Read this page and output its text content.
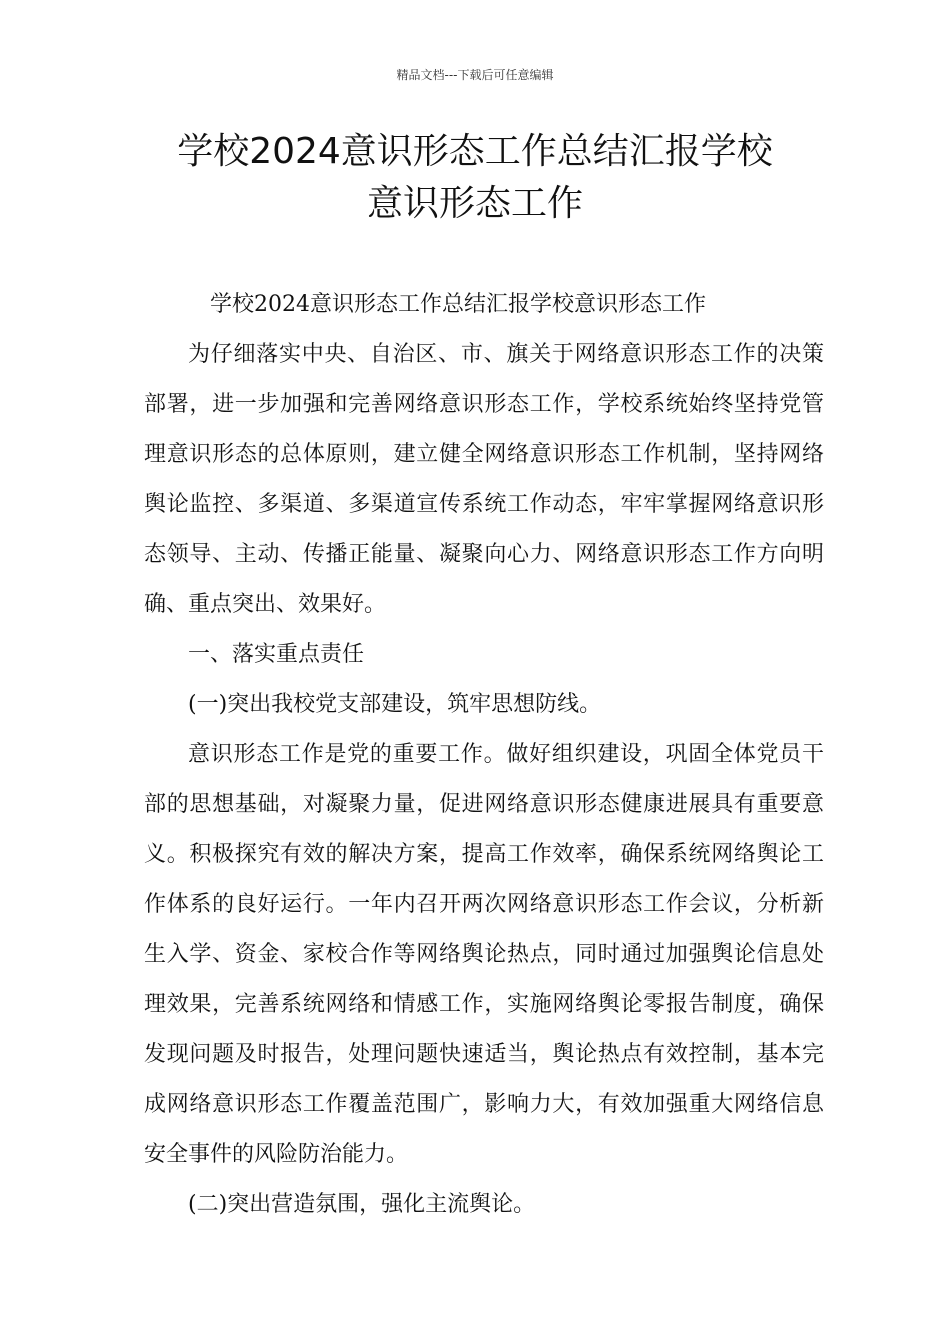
精品文档---下载后可任意编辑
学校2024意识形态工作总结汇报学校
意识形态工作

学校2024意识形态工作总结汇报学校意识形态工作

为仔细落实中央、自治区、市、旗关于网络意识形态工作的决策部署，进一步加强和完善网络意识形态工作，学校系统始终坚持党管理意识形态的总体原则，建立健全网络意识形态工作机制，坚持网络舆论监控、多渠道、多渠道宣传系统工作动态，牢牢掌握网络意识形态领导、主动、传播正能量、凝聚向心力、网络意识形态工作方向明确、重点突出、效果好。

一、落实重点责任

(一)突出我校党支部建设，筑牢思想防线。

意识形态工作是党的重要工作。做好组织建设，巩固全体党员干部的思想基础，对凝聚力量，促进网络意识形态健康进展具有重要意义。积极探究有效的解决方案，提高工作效率，确保系统网络舆论工作体系的良好运行。一年内召开两次网络意识形态工作会议，分析新生入学、资金、家校合作等网络舆论热点，同时通过加强舆论信息处理效果，完善系统网络和情感工作，实施网络舆论零报告制度，确保发现问题及时报告，处理问题快速适当，舆论热点有效控制，基本完成网络意识形态工作覆盖范围广，影响力大，有效加强重大网络信息安全事件的风险防治能力。

(二)突出营造氛围，强化主流舆论。
